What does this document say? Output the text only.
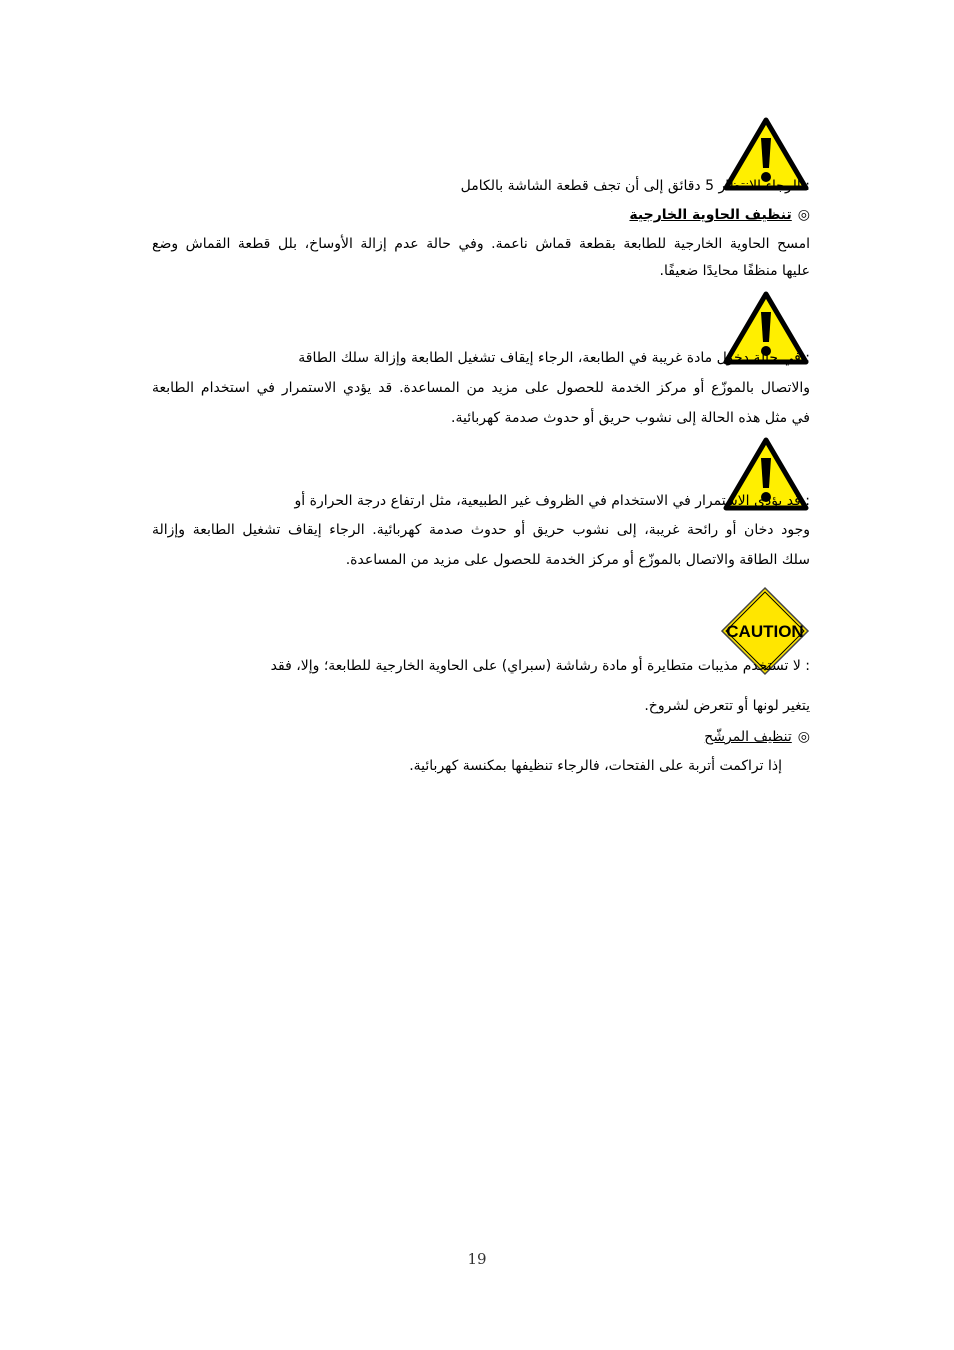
: الرجاء الانتظار 5 دقائق إلى أن تجف قطعة الشاشة بالكامل
◎
تنظيف الحاوية الخارجية
امسح الحاوية الخارجية للطابعة بقطعة قماش ناعمة. وفي حالة عدم إزالة الأوساخ، بلل قطعة القماش وضع
عليها منظفًا محايدًا ضعيفًا.
: في حالة دخول مادة غريبة في الطابعة، الرجاء إيقاف تشغيل الطابعة وإزالة سلك الطاقة
والاتصال بالموزّع أو مركز الخدمة للحصول على مزيد من المساعدة. قد يؤدي الاستمرار في استخدام الطابعة
في مثل هذه الحالة إلى نشوب حريق أو حدوث صدمة كهربائية.
: قد يؤدي الاستمرار في الاستخدام في الظروف غير الطبيعية، مثل ارتفاع درجة الحرارة أو
وجود دخان أو رائحة غريبة، إلى نشوب حريق أو حدوث صدمة كهربائية. الرجاء إيقاف تشغيل الطابعة وإزالة
سلك الطاقة والاتصال بالموزّع أو مركز الخدمة للحصول على مزيد من المساعدة.
CAUTION
: لا تستخدم مذيبات متطايرة أو مادة رشاشة (سبراي) على الحاوية الخارجية للطابعة؛ وإلا، فقد
يتغير لونها أو تتعرض لشروخ.
◎
تنظيف المرشّح
إذا تراكمت أتربة على الفتحات، فالرجاء تنظيفها بمكنسة كهربائية.
19
